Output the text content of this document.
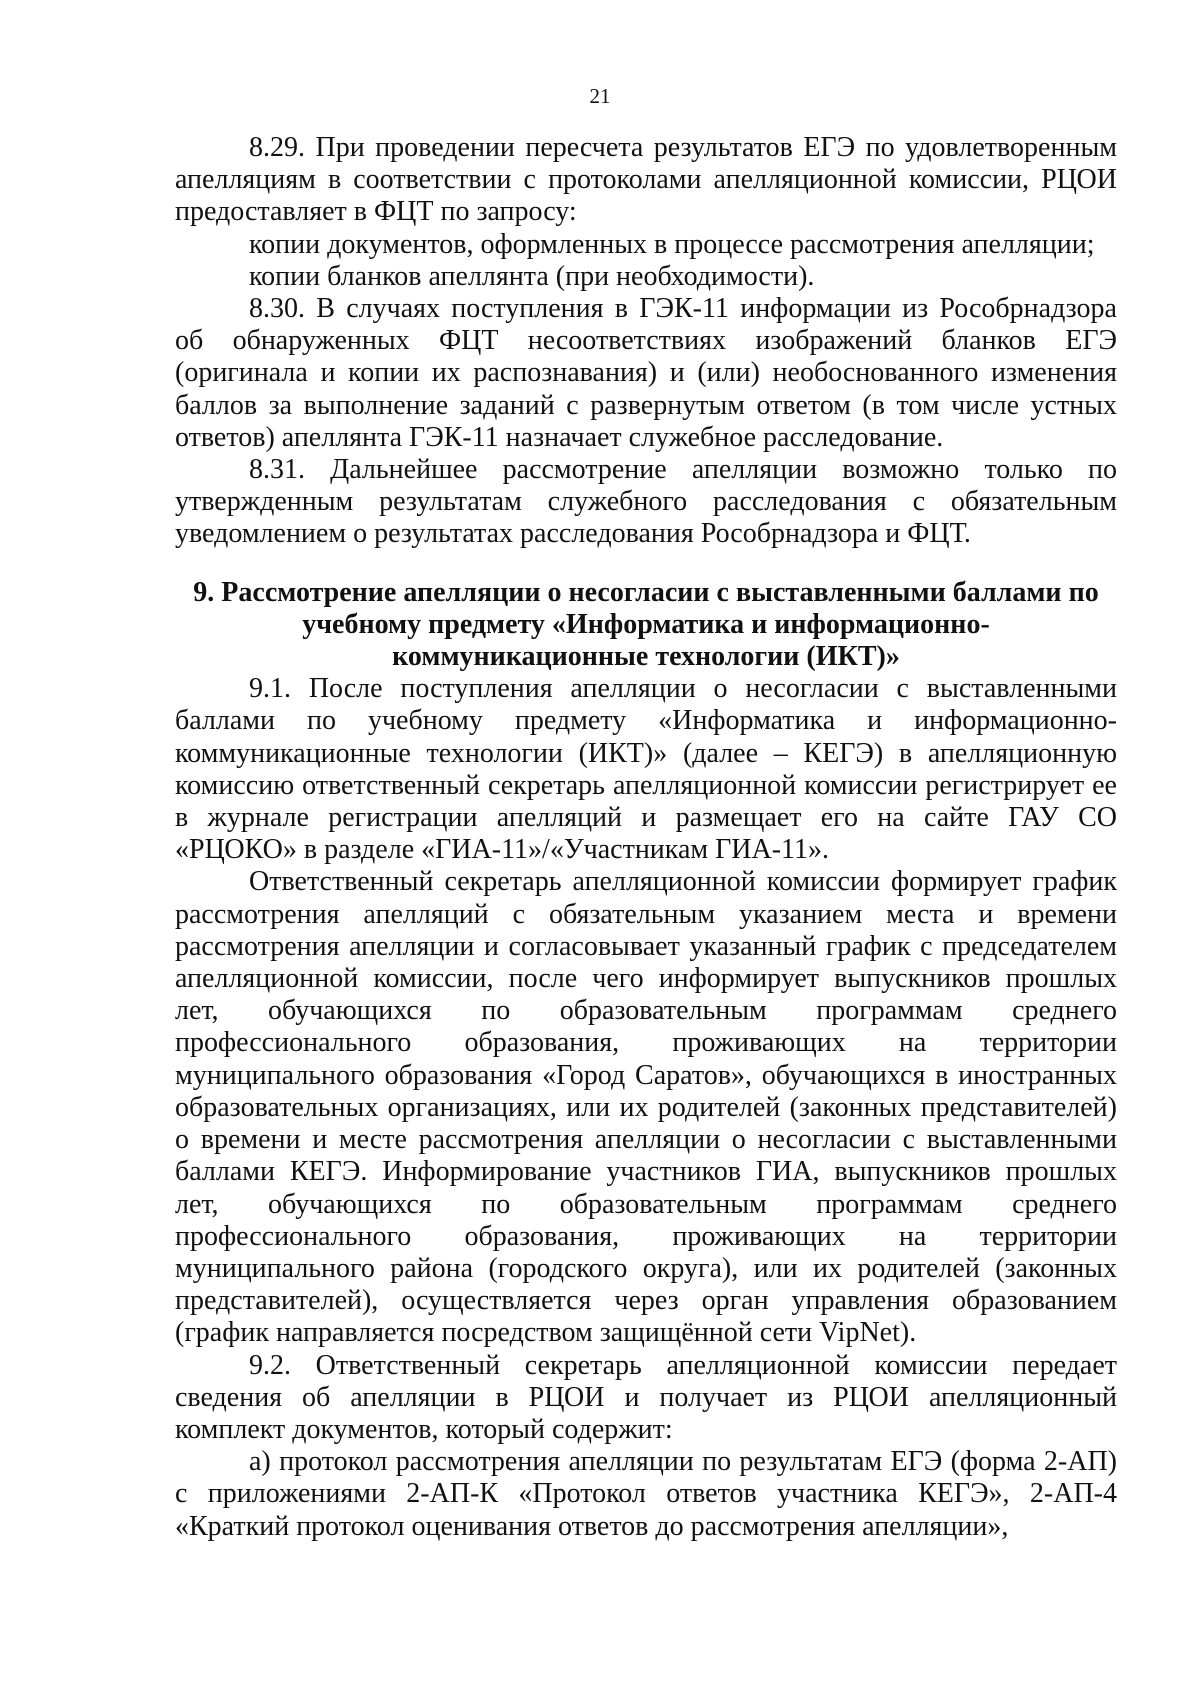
21

8.29. При проведении пересчета результатов ЕГЭ по удовлетворенным апелляциям в соответствии с протоколами апелляционной комиссии, РЦОИ предоставляет в ФЦТ по запросу:

копии документов, оформленных в процессе рассмотрения апелляции;

копии бланков апеллянта (при необходимости).

8.30. В случаях поступления в ГЭК-11 информации из Рособрнадзора об обнаруженных ФЦТ несоответствиях изображений бланков ЕГЭ (оригинала и копии их распознавания) и (или) необоснованного изменения баллов за выполнение заданий с развернутым ответом (в том числе устных ответов) апеллянта ГЭК-11 назначает служебное расследование.

8.31. Дальнейшее рассмотрение апелляции возможно только по утвержденным результатам служебного расследования с обязательным уведомлением о результатах расследования Рособрнадзора и ФЦТ.

9. Рассмотрение апелляции о несогласии с выставленными баллами по учебному предмету «Информатика и информационно-коммуникационные технологии (ИКТ)»

9.1. После поступления апелляции о несогласии с выставленными баллами по учебному предмету «Информатика и информационно-коммуникационные технологии (ИКТ)» (далее – КЕГЭ) в апелляционную комиссию ответственный секретарь апелляционной комиссии регистрирует ее в журнале регистрации апелляций и размещает его на сайте ГАУ СО «РЦОКО» в разделе «ГИА-11»/«Участникам ГИА-11».

Ответственный секретарь апелляционной комиссии формирует график рассмотрения апелляций с обязательным указанием места и времени рассмотрения апелляции и согласовывает указанный график с председателем апелляционной комиссии, после чего информирует выпускников прошлых лет, обучающихся по образовательным программам среднего профессионального образования, проживающих на территории муниципального образования «Город Саратов», обучающихся в иностранных образовательных организациях, или их родителей (законных представителей) о времени и месте рассмотрения апелляции о несогласии с выставленными баллами КЕГЭ. Информирование участников ГИА, выпускников прошлых лет, обучающихся по образовательным программам среднего профессионального образования, проживающих на территории муниципального района (городского округа), или их родителей (законных представителей), осуществляется через орган управления образованием (график направляется посредством защищённой сети VipNet).

9.2. Ответственный секретарь апелляционной комиссии передает сведения об апелляции в РЦОИ и получает из РЦОИ апелляционный комплект документов, который содержит:

а) протокол рассмотрения апелляции по результатам ЕГЭ (форма 2-АП) с приложениями 2-АП-К «Протокол ответов участника КЕГЭ», 2-АП-4 «Краткий протокол оценивания ответов до рассмотрения апелляции»,
